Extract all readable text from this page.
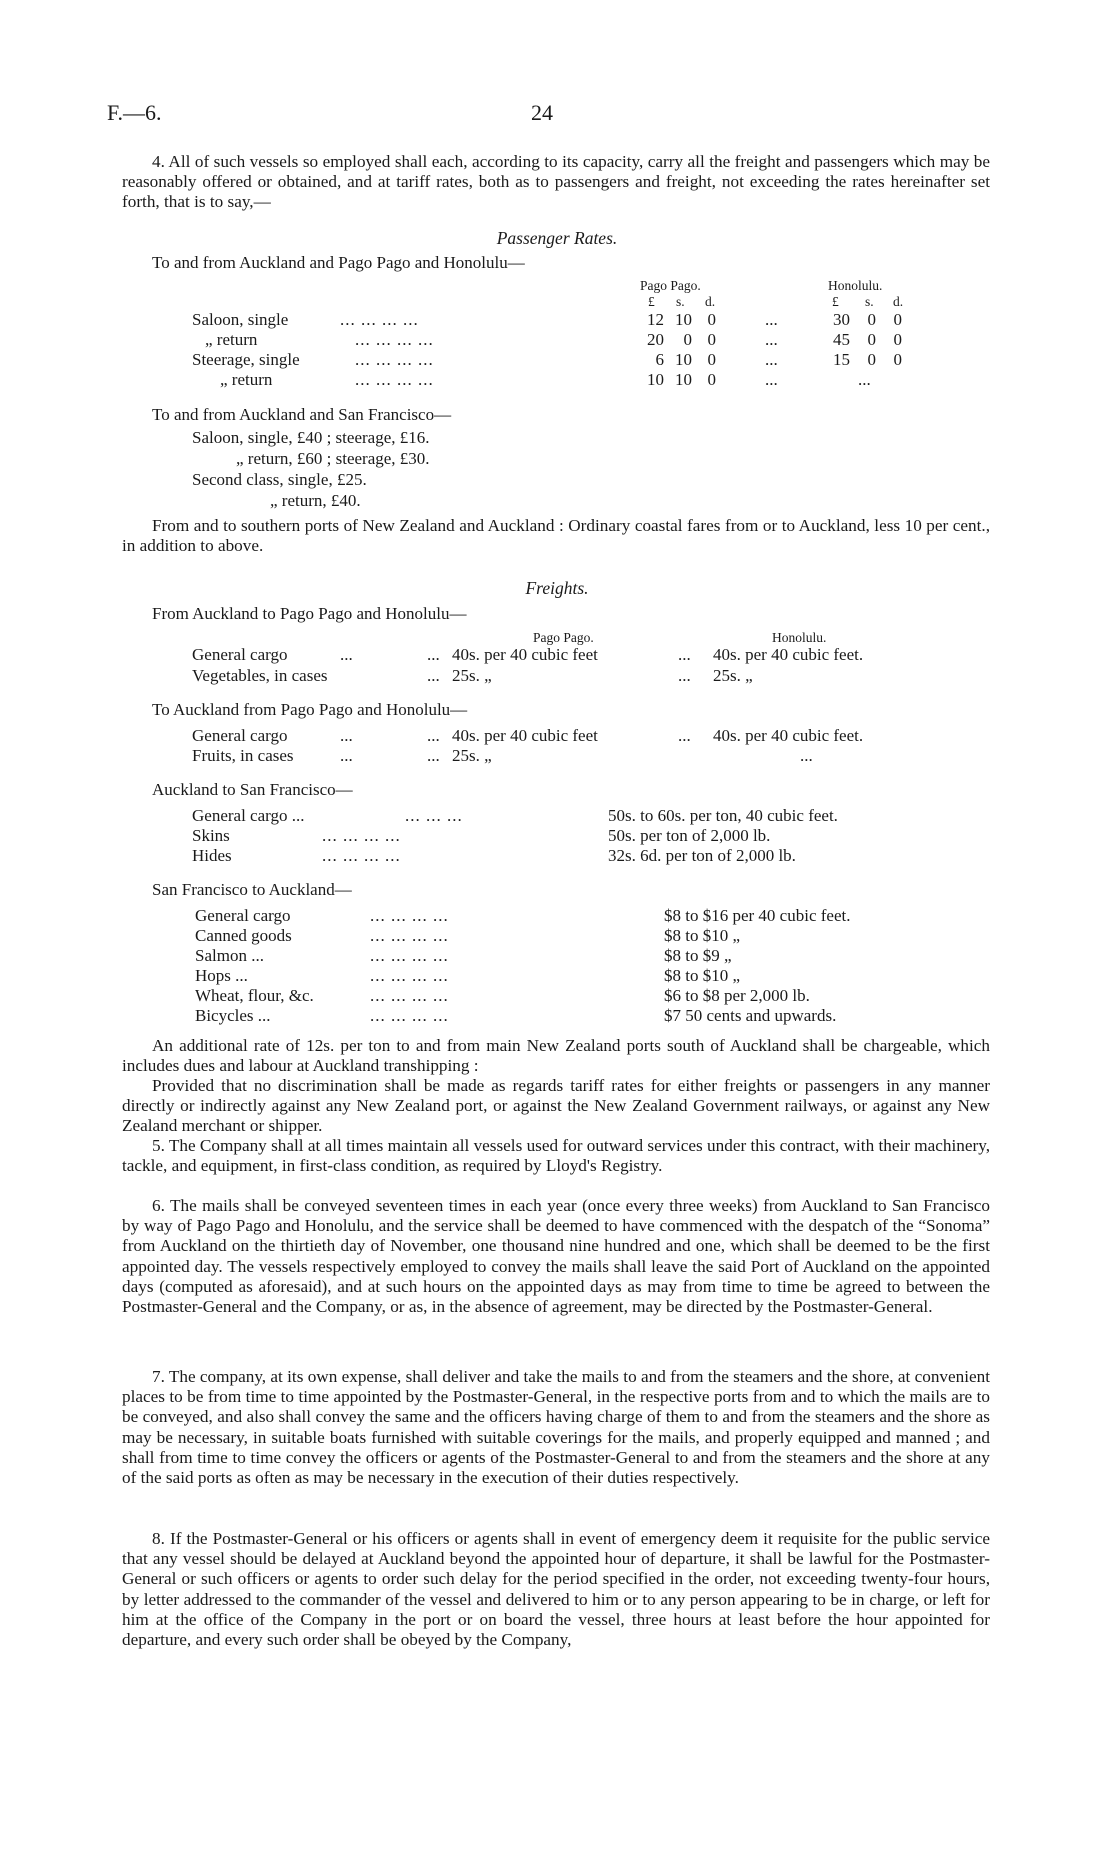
F.—6.	24
4. All of such vessels so employed shall each, according to its capacity, carry all the freight and passengers which may be reasonably offered or obtained, and at tariff rates, both as to passengers and freight, not exceeding the rates hereinafter set forth, that is to say,—
Passenger Rates.
To and from Auckland and Pago Pago and Honolulu—
Pago Pago.	Honolulu.
£ s. d.	£ s. d.
Saloon, single	... ... ... ...	12 10 0	...	30	0	0
„ return	... ... ... ...	20	0 0	...	45	0	0
Steerage, single	... ... ... ...	6 10 0	...	15	0	0
„ return	... ... ... ...	10 10 0	...	...
To and from Auckland and San Francisco—
Saloon, single, £40 ; steerage, £16.
„ return, £60 ; steerage, £30.
Second class, single, £25.
„ return, £40.
From and to southern ports of New Zealand and Auckland : Ordinary coastal fares from or to Auckland, less 10 per cent., in addition to above.
Freights.
From Auckland to Pago Pago and Honolulu—
Pago Pago.	Honolulu.
General cargo	...	... 40s. per 40 cubic feet	... 40s. per 40 cubic feet.
Vegetables, in cases	... 25s. „	... 25s. „
To Auckland from Pago Pago and Honolulu—
General cargo	...	... 40s. per 40 cubic feet	... 40s. per 40 cubic feet.
Fruits, in cases	...	... 25s. „	...
Auckland to San Francisco—
General cargo ...	... ... ...	50s. to 60s. per ton, 40 cubic feet.
Skins	... ... ... ...	50s. per ton of 2,000 lb.
Hides	... ... ... ...	32s. 6d. per ton of 2,000 lb.
San Francisco to Auckland—
General cargo	... ... ... ...	$8 to $16 per 40 cubic feet.
Canned goods	... ... ... ...	$8 to $10 „
Salmon ...	... ... ... ...	$8 to $9 „
Hops ...	... ... ... ...	$8 to $10 „
Wheat, flour, &c.	... ... ... ...	$6 to $8 per 2,000 lb.
Bicycles ...	... ... ... ...	$7 50 cents and upwards.
An additional rate of 12s. per ton to and from main New Zealand ports south of Auckland shall be chargeable, which includes dues and labour at Auckland transhipping :
Provided that no discrimination shall be made as regards tariff rates for either freights or passengers in any manner directly or indirectly against any New Zealand port, or against the New Zealand Government railways, or against any New Zealand merchant or shipper.
5. The Company shall at all times maintain all vessels used for outward services under this contract, with their machinery, tackle, and equipment, in first-class condition, as required by Lloyd's Registry.
6. The mails shall be conveyed seventeen times in each year (once every three weeks) from Auckland to San Francisco by way of Pago Pago and Honolulu, and the service shall be deemed to have commenced with the despatch of the “Sonoma” from Auckland on the thirtieth day of November, one thousand nine hundred and one, which shall be deemed to be the first appointed day. The vessels respectively employed to convey the mails shall leave the said Port of Auckland on the appointed days (computed as aforesaid), and at such hours on the appointed days as may from time to time be agreed to between the Postmaster-General and the Company, or as, in the absence of agreement, may be directed by the Postmaster-General.
7. The company, at its own expense, shall deliver and take the mails to and from the steamers and the shore, at convenient places to be from time to time appointed by the Postmaster-General, in the respective ports from and to which the mails are to be conveyed, and also shall convey the same and the officers having charge of them to and from the steamers and the shore as may be necessary, in suitable boats furnished with suitable coverings for the mails, and properly equipped and manned ; and shall from time to time convey the officers or agents of the Postmaster-General to and from the steamers and the shore at any of the said ports as often as may be necessary in the execution of their duties respectively.
8. If the Postmaster-General or his officers or agents shall in event of emergency deem it requisite for the public service that any vessel should be delayed at Auckland beyond the appointed hour of departure, it shall be lawful for the Postmaster-General or such officers or agents to order such delay for the period specified in the order, not exceeding twenty-four hours, by letter addressed to the commander of the vessel and delivered to him or to any person appearing to be in charge, or left for him at the office of the Company in the port or on board the vessel, three hours at least before the hour appointed for departure, and every such order shall be obeyed by the Company,
